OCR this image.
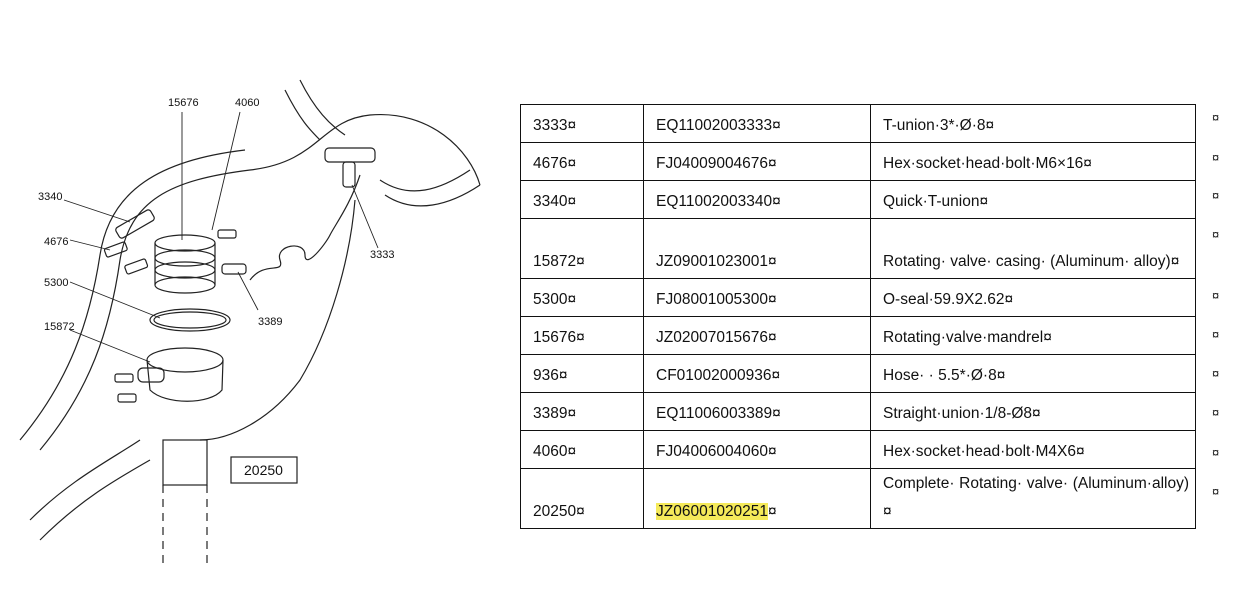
15676	4060
3340
4676
5300
15872
3333
3389
20250
3333¤	EQ11002003333¤	T-union·3*·Ø·8¤
4676¤	FJ04009004676¤	Hex·socket·head·bolt·M6×16¤
3340¤	EQ11002003340¤	Quick·T-union¤
15872¤	JZ09001023001¤	Rotating· valve· casing· (Aluminum· alloy)¤
5300¤	FJ08001005300¤	O-seal·59.9X2.62¤
15676¤	JZ02007015676¤	Rotating·valve·mandrel¤
936¤	CF01002000936¤	Hose· · 5.5*·Ø·8¤
3389¤	EQ11006003389¤	Straight·union·1/8-Ø8¤
4060¤	FJ04006004060¤	Hex·socket·head·bolt·M4X6¤
20250¤	JZ06001020251¤	Complete· Rotating· valve· (Aluminum·alloy)¤
¤
¤
¤
¤
¤
¤
¤
¤
¤
¤
